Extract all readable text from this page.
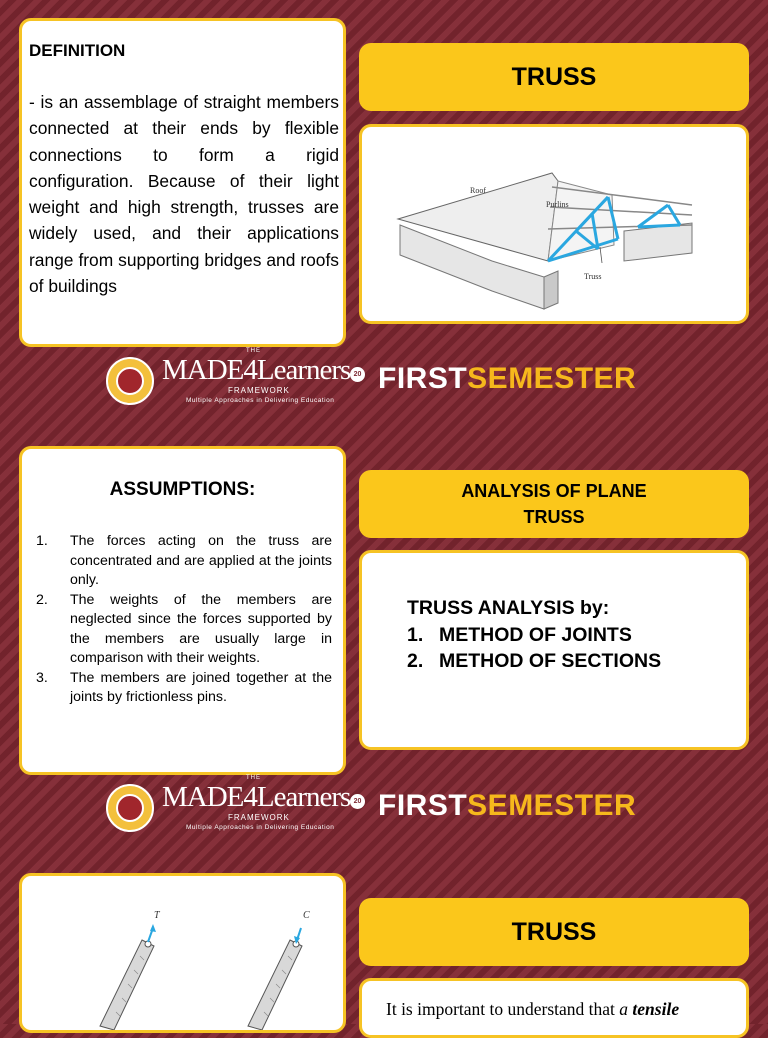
DEFINITION
- is an assemblage of straight members connected at their ends by flexible connections to form a rigid configuration. Because of their light weight and high strength, trusses are widely used, and their applications range from supporting bridges and roofs of buildings
TRUSS
Roof
Purlins
Truss
THE
MADE4Learners
FRAMEWORK
Multiple Approaches in Delivering Education
20 FIRSTSEMESTER
ASSUMPTIONS:
1. The forces acting on the truss are concentrated and are applied at the joints only.
2. The weights of the members are neglected since the forces supported by the members are usually large in comparison with their weights.
3. The members are joined together at the joints by frictionless pins.
ANALYSIS OF PLANE TRUSS
TRUSS ANALYSIS by:
1. METHOD OF JOINTS
2. METHOD OF SECTIONS
THE
MADE4Learners
FRAMEWORK
Multiple Approaches in Delivering Education
20 FIRSTSEMESTER
T	C
TRUSS
It is important to understand that a tensile
